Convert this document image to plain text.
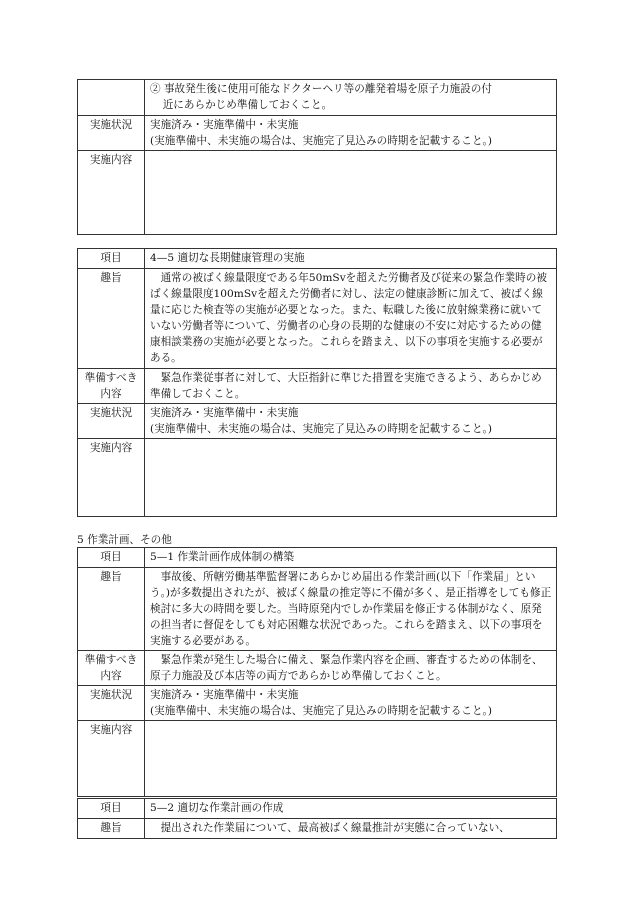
	② 事故発生後に使用可能なドクターヘリ等の離発着場を原子力施設の付
近にあらかじめ準備しておくこと。

実施状況	実施済み・実施準備中・未実施
(実施準備中、未実施の場合は、実施完了見込みの時期を記載すること。)

実施内容	
項目	4—5 適切な長期健康管理の実施
趣旨	通常の被ばく線量限度である年50mSvを超えた労働者及び従来の緊急作業時の被ばく線量限度100mSvを超えた労働者に対し、法定の健康診断に加えて、被ばく線量に応じた検査等の実施が必要となった。また、転職した後に放射線業務に就いていない労働者等について、労働者の心身の長期的な健康の不安に対応するための健康相談業務の実施が必要となった。これらを踏まえ、以下の事項を実施する必要がある。

準備すべき
内容	緊急作業従事者に対して、大臣指針に準じた措置を実施できるよう、あらかじめ準備しておくこと。
実施状況	実施済み・実施準備中・未実施
(実施準備中、未実施の場合は、実施完了見込みの時期を記載すること。)

実施内容	
5 作業計画、その他
項目	5—1 作業計画作成体制の構築
趣旨	事故後、所轄労働基準監督署にあらかじめ届出る作業計画(以下「作業届」という。)が多数提出されたが、被ばく線量の推定等に不備が多く、是正指導をしても修正検討に多大の時間を要した。当時原発内でしか作業届を修正する体制がなく、原発の担当者に督促をしても対応困難な状況であった。これらを踏まえ、以下の事項を実施する必要がある。

準備すべき
内容	緊急作業が発生した場合に備え、緊急作業内容を企画、審査するための体制を、原子力施設及び本店等の両方であらかじめ準備しておくこと。
実施状況	実施済み・実施準備中・未実施
(実施準備中、未実施の場合は、実施完了見込みの時期を記載すること。)

実施内容	
項目	5—2 適切な作業計画の作成
趣旨	提出された作業届について、最高被ばく線量推計が実態に合っていない、
